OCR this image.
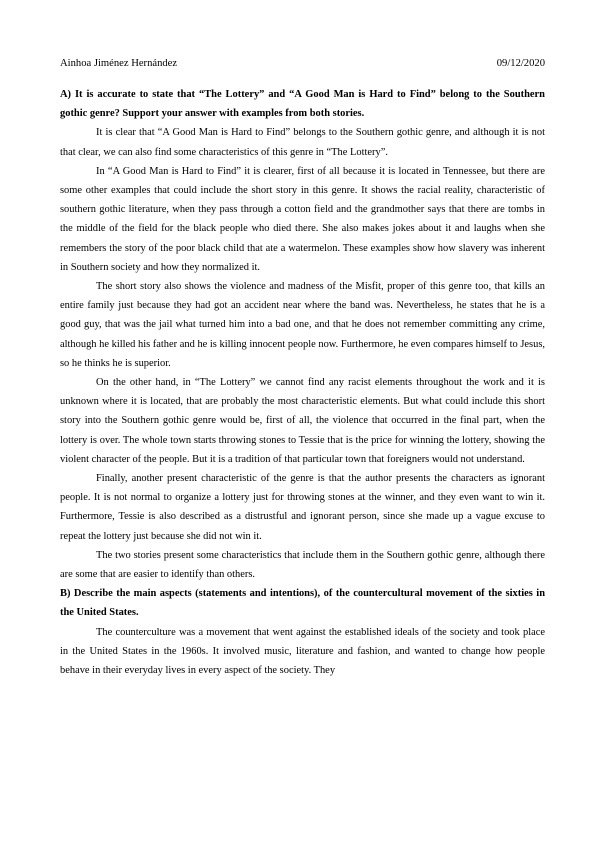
Ainhoa Jiménez Hernández	09/12/2020

A) It is accurate to state that “The Lottery” and “A Good Man is Hard to Find” belong to the Southern gothic genre? Support your answer with examples from both stories.

It is clear that “A Good Man is Hard to Find” belongs to the Southern gothic genre, and although it is not that clear, we can also find some characteristics of this genre in “The Lottery”.

In “A Good Man is Hard to Find” it is clearer, first of all because it is located in Tennessee, but there are some other examples that could include the short story in this genre. It shows the racial reality, characteristic of southern gothic literature, when they pass through a cotton field and the grandmother says that there are tombs in the middle of the field for the black people who died there. She also makes jokes about it and laughs when she remembers the story of the poor black child that ate a watermelon. These examples show how slavery was inherent in Southern society and how they normalized it.

The short story also shows the violence and madness of the Misfit, proper of this genre too, that kills an entire family just because they had got an accident near where the band was. Nevertheless, he states that he is a good guy, that was the jail what turned him into a bad one, and that he does not remember committing any crime, although he killed his father and he is killing innocent people now. Furthermore, he even compares himself to Jesus, so he thinks he is superior.

On the other hand, in “The Lottery” we cannot find any racist elements throughout the work and it is unknown where it is located, that are probably the most characteristic elements. But what could include this short story into the Southern gothic genre would be, first of all, the violence that occurred in the final part, when the lottery is over. The whole town starts throwing stones to Tessie that is the price for winning the lottery, showing the violent character of the people. But it is a tradition of that particular town that foreigners would not understand.

Finally, another present characteristic of the genre is that the author presents the characters as ignorant people. It is not normal to organize a lottery just for throwing stones at the winner, and they even want to win it. Furthermore, Tessie is also described as a distrustful and ignorant person, since she made up a vague excuse to repeat the lottery just because she did not win it.

The two stories present some characteristics that include them in the Southern gothic genre, although there are some that are easier to identify than others.

B) Describe the main aspects (statements and intentions), of the countercultural movement of the sixties in the United States.

The counterculture was a movement that went against the established ideals of the society and took place in the United States in the 1960s. It involved music, literature and fashion, and wanted to change how people behave in their everyday lives in every aspect of the society. They
